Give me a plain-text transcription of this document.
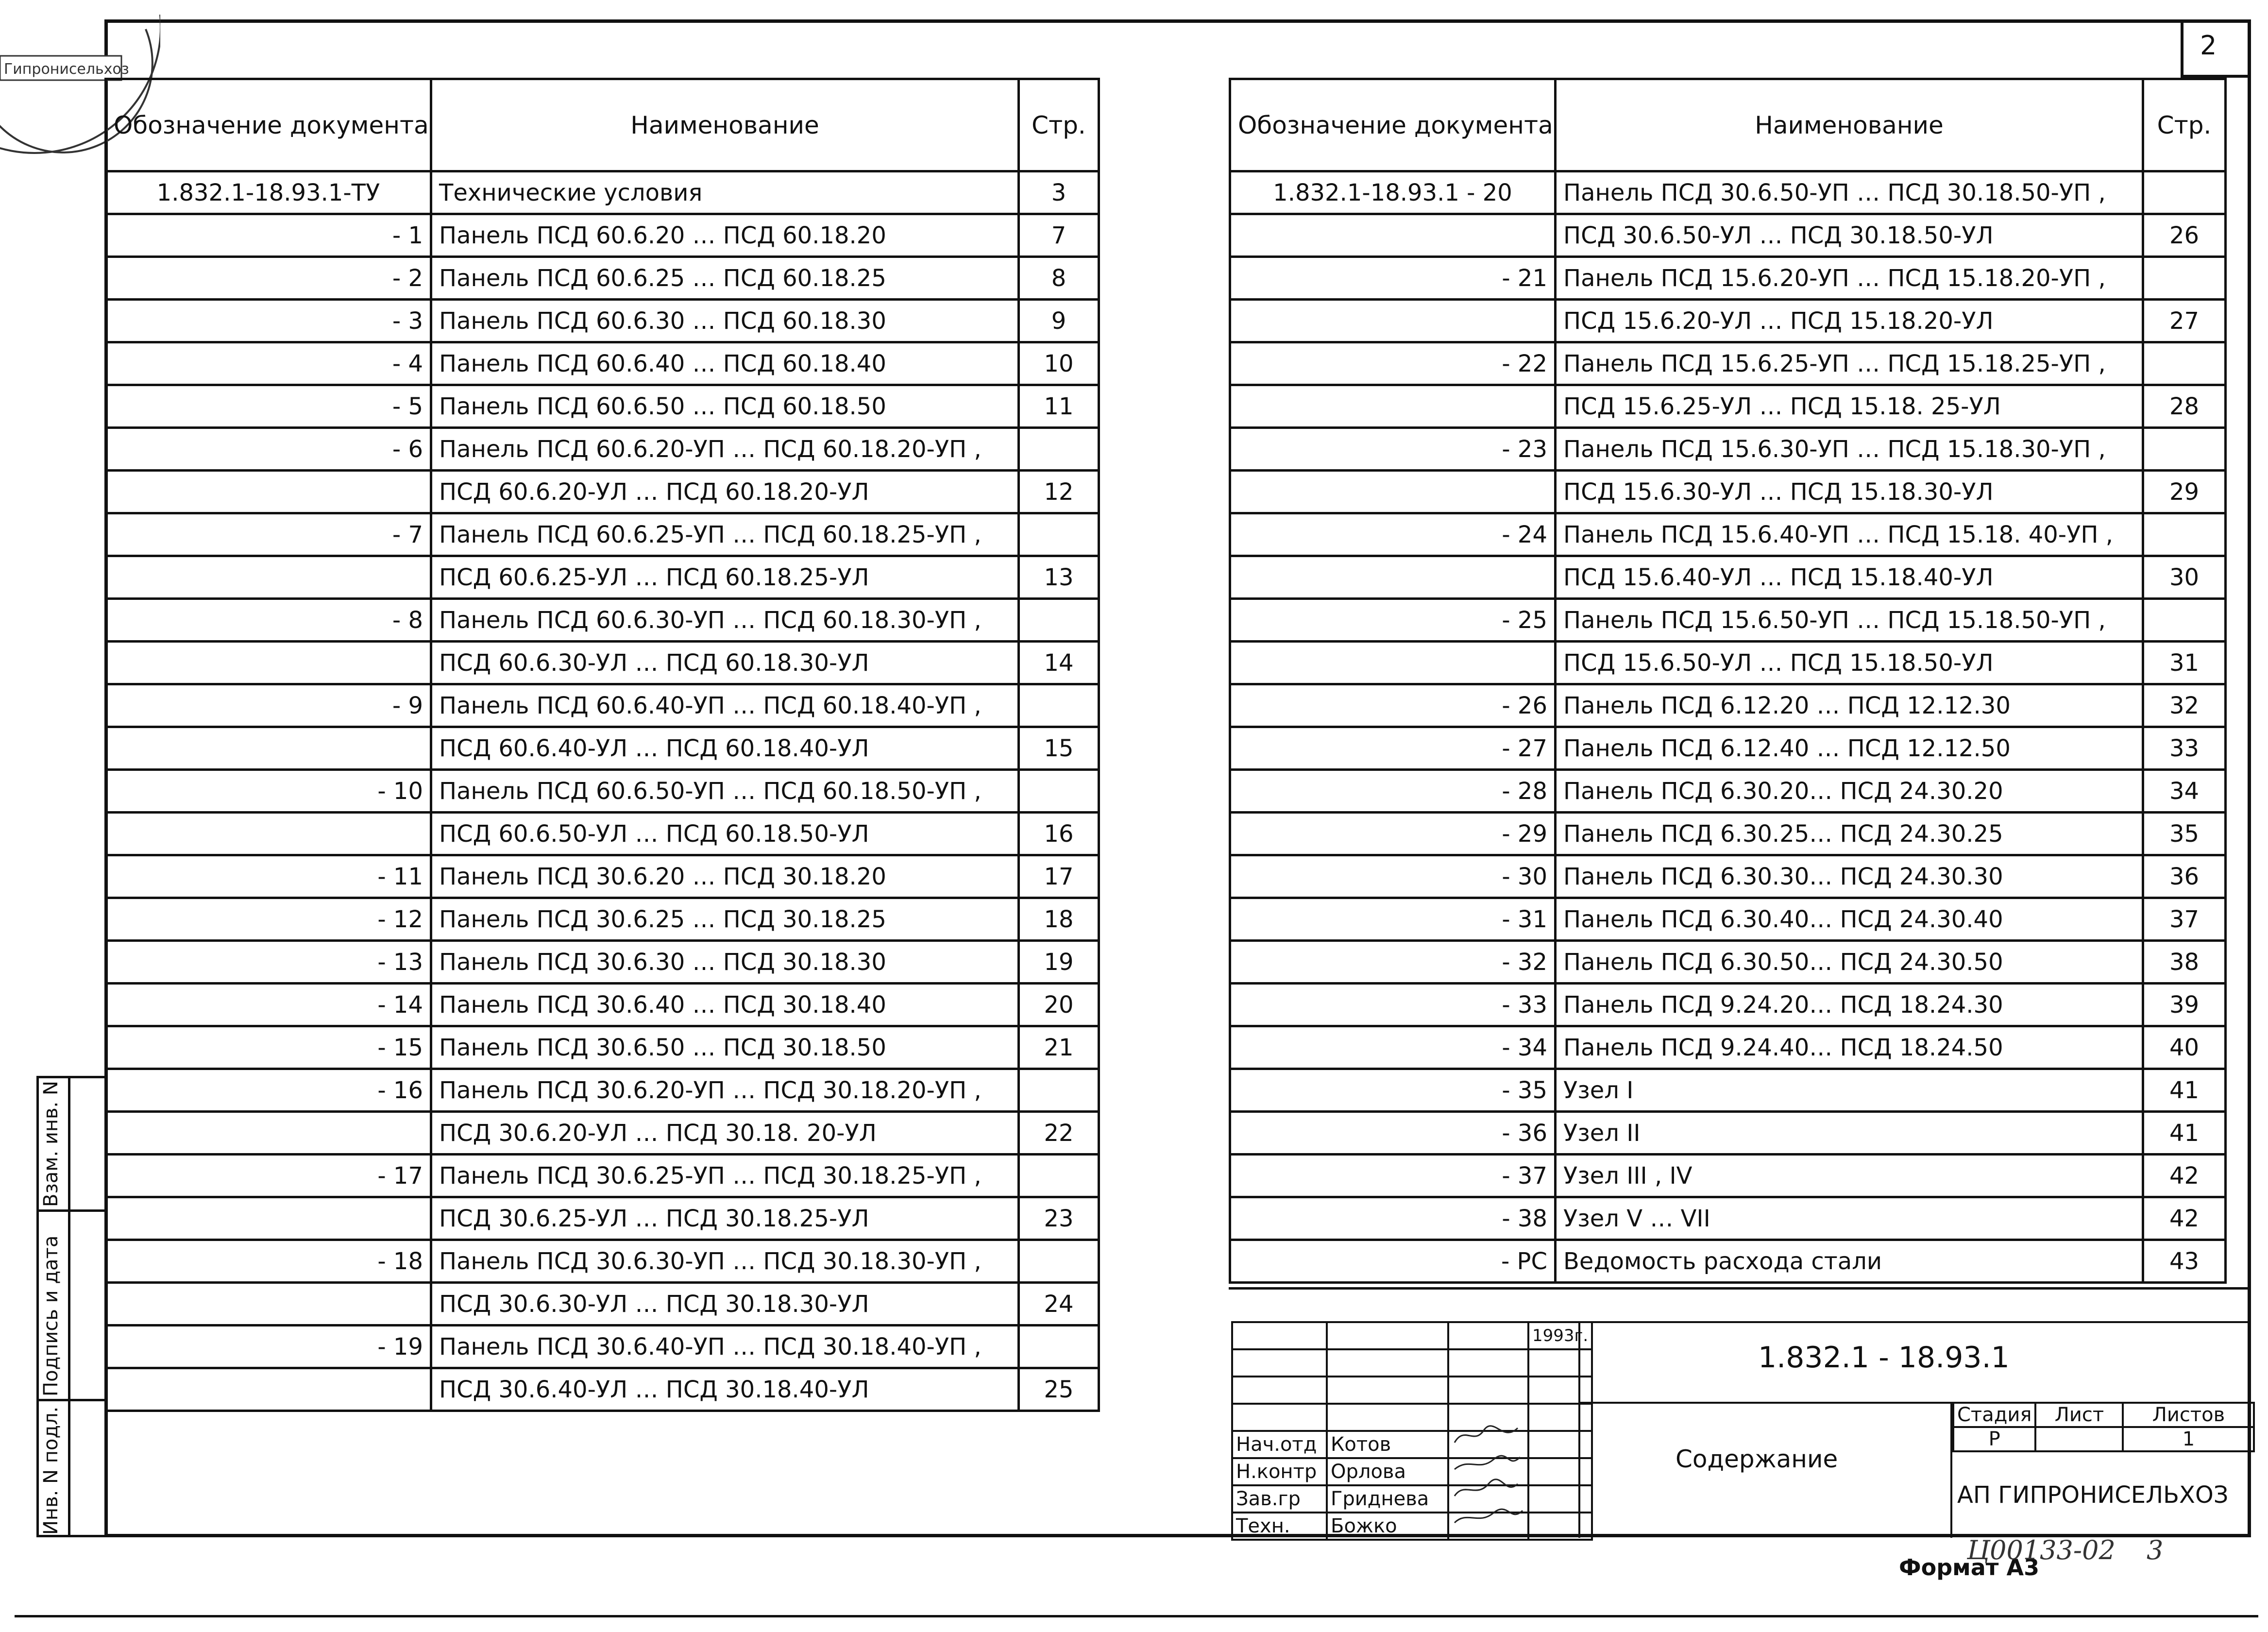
2
Взам. инв. N
Подпись и дата
Инв. N подл.
Гипронисельхоз
Обозначение документа	Наименование	Стр.
1.832.1-18.93.1-ТУ	Технические условия	3
- 1	Панель ПСД 60.6.20 … ПСД 60.18.20	7
- 2	Панель ПСД 60.6.25 … ПСД 60.18.25	8
- 3	Панель ПСД 60.6.30 … ПСД 60.18.30	9
- 4	Панель ПСД 60.6.40 … ПСД 60.18.40	10
- 5	Панель ПСД 60.6.50 … ПСД 60.18.50	11
- 6	Панель ПСД 60.6.20-УП … ПСД 60.18.20-УП ,	
	ПСД 60.6.20-УЛ … ПСД 60.18.20-УЛ	12
- 7	Панель ПСД 60.6.25-УП … ПСД 60.18.25-УП ,	
	ПСД 60.6.25-УЛ … ПСД 60.18.25-УЛ	13
- 8	Панель ПСД 60.6.30-УП … ПСД 60.18.30-УП ,	
	ПСД 60.6.30-УЛ … ПСД 60.18.30-УЛ	14
- 9	Панель ПСД 60.6.40-УП … ПСД 60.18.40-УП ,	
	ПСД 60.6.40-УЛ … ПСД 60.18.40-УЛ	15
- 10	Панель ПСД 60.6.50-УП … ПСД 60.18.50-УП ,	
	ПСД 60.6.50-УЛ … ПСД 60.18.50-УЛ	16
- 11	Панель ПСД 30.6.20 … ПСД 30.18.20	17
- 12	Панель ПСД 30.6.25 … ПСД 30.18.25	18
- 13	Панель ПСД 30.6.30 … ПСД 30.18.30	19
- 14	Панель ПСД 30.6.40 … ПСД 30.18.40	20
- 15	Панель ПСД 30.6.50 … ПСД 30.18.50	21
- 16	Панель ПСД 30.6.20-УП … ПСД 30.18.20-УП ,	
	ПСД 30.6.20-УЛ … ПСД 30.18. 20-УЛ	22
- 17	Панель ПСД 30.6.25-УП … ПСД 30.18.25-УП ,	
	ПСД 30.6.25-УЛ … ПСД 30.18.25-УЛ	23
- 18	Панель ПСД 30.6.30-УП … ПСД 30.18.30-УП ,	
	ПСД 30.6.30-УЛ … ПСД 30.18.30-УЛ	24
- 19	Панель ПСД 30.6.40-УП … ПСД 30.18.40-УП ,	
	ПСД 30.6.40-УЛ … ПСД 30.18.40-УЛ	25
Обозначение документа	Наименование	Стр.
1.832.1-18.93.1 - 20	Панель ПСД 30.6.50-УП … ПСД 30.18.50-УП ,	
	ПСД 30.6.50-УЛ … ПСД 30.18.50-УЛ	26
- 21	Панель ПСД 15.6.20-УП … ПСД 15.18.20-УП ,	
	ПСД 15.6.20-УЛ … ПСД 15.18.20-УЛ	27
- 22	Панель ПСД 15.6.25-УП … ПСД 15.18.25-УП ,	
	ПСД 15.6.25-УЛ … ПСД 15.18. 25-УЛ	28
- 23	Панель ПСД 15.6.30-УП … ПСД 15.18.30-УП ,	
	ПСД 15.6.30-УЛ … ПСД 15.18.30-УЛ	29
- 24	Панель ПСД 15.6.40-УП … ПСД 15.18. 40-УП ,	
	ПСД 15.6.40-УЛ … ПСД 15.18.40-УЛ	30
- 25	Панель ПСД 15.6.50-УП … ПСД 15.18.50-УП ,	
	ПСД 15.6.50-УЛ … ПСД 15.18.50-УЛ	31
- 26	Панель ПСД 6.12.20 … ПСД 12.12.30	32
- 27	Панель ПСД 6.12.40 … ПСД 12.12.50	33
- 28	Панель ПСД 6.30.20… ПСД 24.30.20	34
- 29	Панель ПСД 6.30.25… ПСД 24.30.25	35
- 30	Панель ПСД 6.30.30… ПСД 24.30.30	36
- 31	Панель ПСД 6.30.40… ПСД 24.30.40	37
- 32	Панель ПСД 6.30.50… ПСД 24.30.50	38
- 33	Панель ПСД 9.24.20… ПСД 18.24.30	39
- 34	Панель ПСД 9.24.40… ПСД 18.24.50	40
- 35	Узел I	41
- 36	Узел II	41
- 37	Узел III , IV	42
- 38	Узел V … VII	42
- РС	Ведомость расхода стали	43
			1993г.

Нач.отд	Котов		
Н.контр	Орлова		
Зав.гр	Гриднева		
Техн.	Божко		
1.832.1 - 18.93.1
Содержание
Стадия	Лист	Листов
Р		1
АП ГИПРОНИСЕЛЬХОЗ
Формат А3
Ц00133-02 3
